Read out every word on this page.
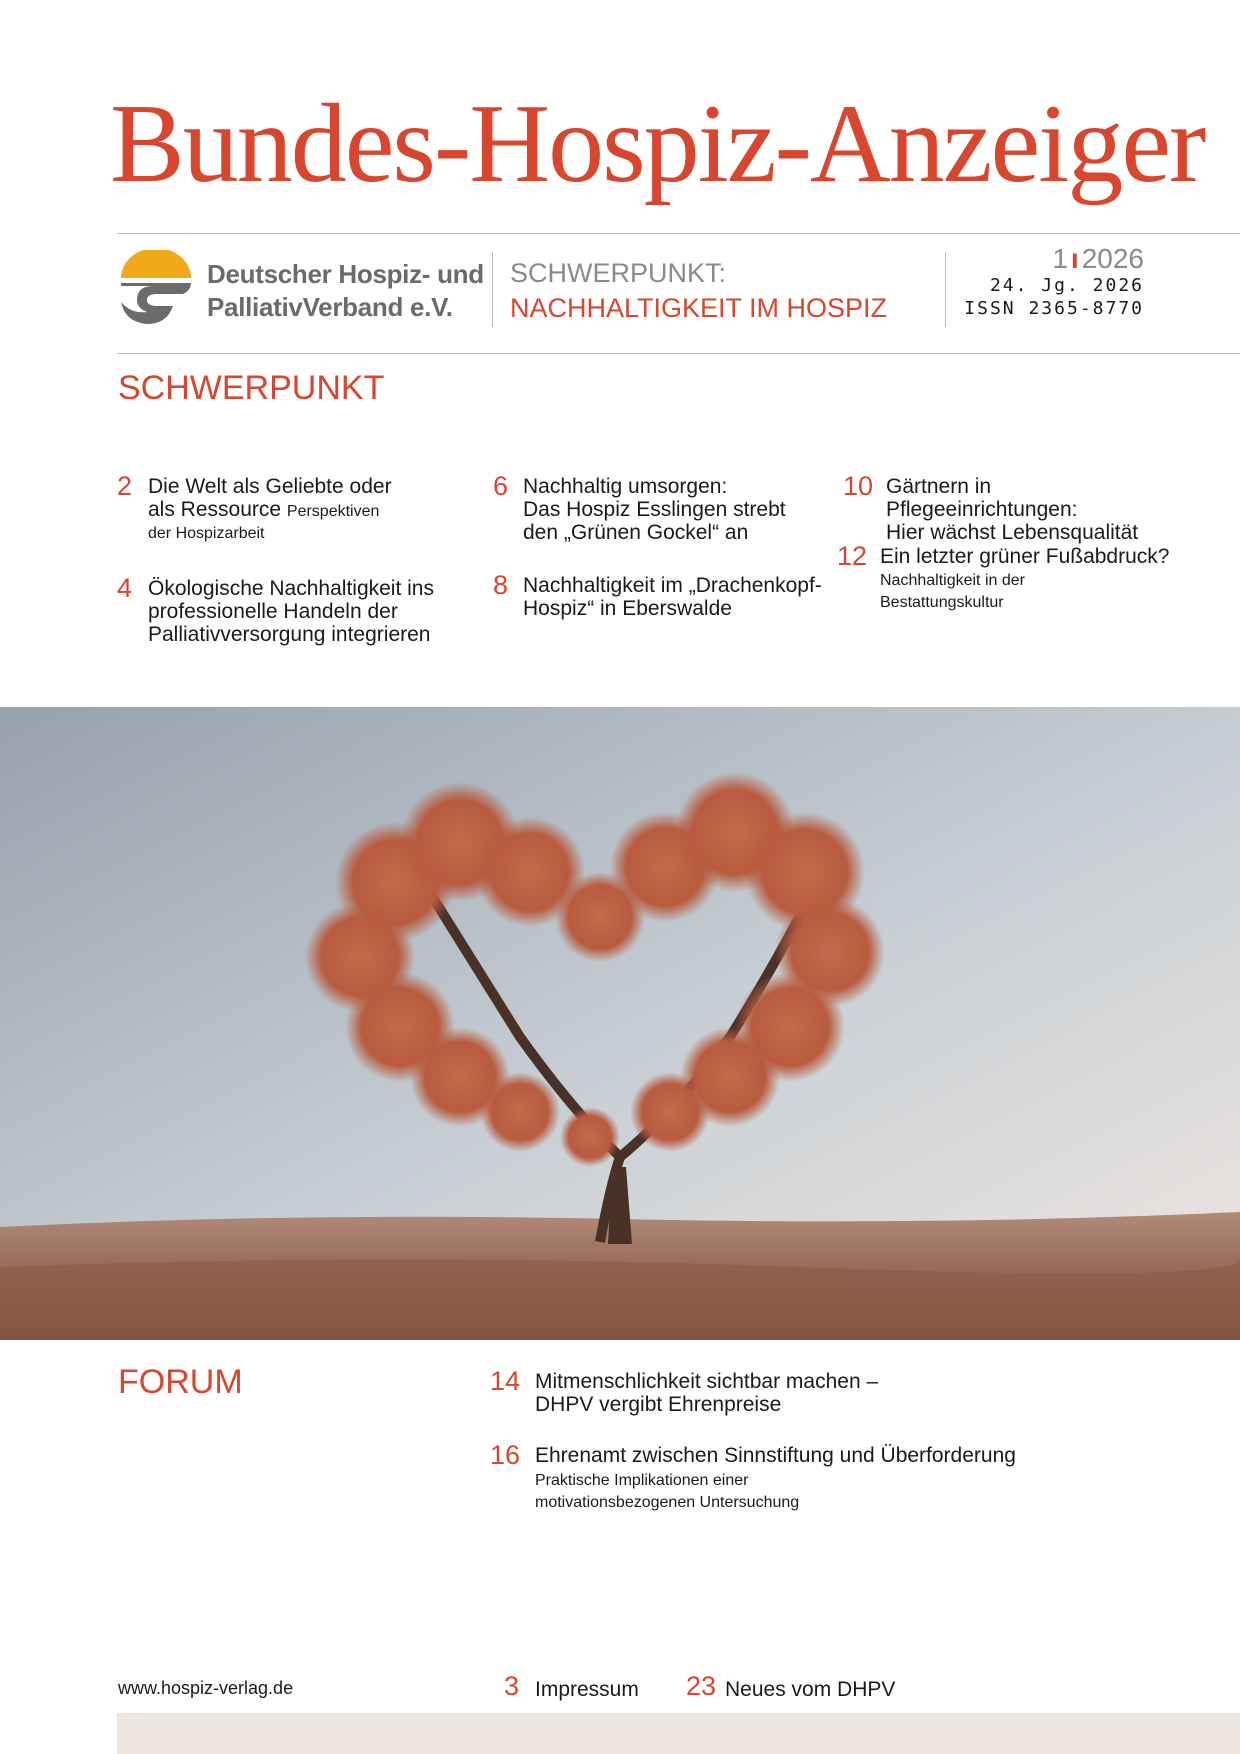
Bundes-Hospiz-Anzeiger
Deutscher Hospiz- und
PalliativVerband e.V.
SCHWERPUNKT:
NACHHALTIGKEIT IM HOSPIZ
1 ı 2026
24. Jg. 2026
ISSN 2365-8770
SCHWERPUNKT
2 Die Welt als Geliebte oder
als Ressource Perspektiven
der Hospizarbeit
4 Ökologische Nachhaltigkeit ins
professionelle Handeln der
Palliativversorgung integrieren
6 Nachhaltig umsorgen:
Das Hospiz Esslingen strebt
den „Grünen Gockel“ an
8 Nachhaltigkeit im „Drachenkopf-
Hospiz“ in Eberswalde
10 Gärtnern in Pflegeeinrichtungen:
Hier wächst Lebensqualität
12 Ein letzter grüner Fußabdruck?
Nachhaltigkeit in der
Bestattungskultur
FORUM	14 Mitmenschlichkeit sichtbar machen –
DHPV vergibt Ehrenpreise
16 Ehrenamt zwischen Sinnstiftung und Überforderung
Praktische Implikationen einer
motivationsbezogenen Untersuchung
www.hospiz-verlag.de	3 Impressum 23 Neues vom DHPV
